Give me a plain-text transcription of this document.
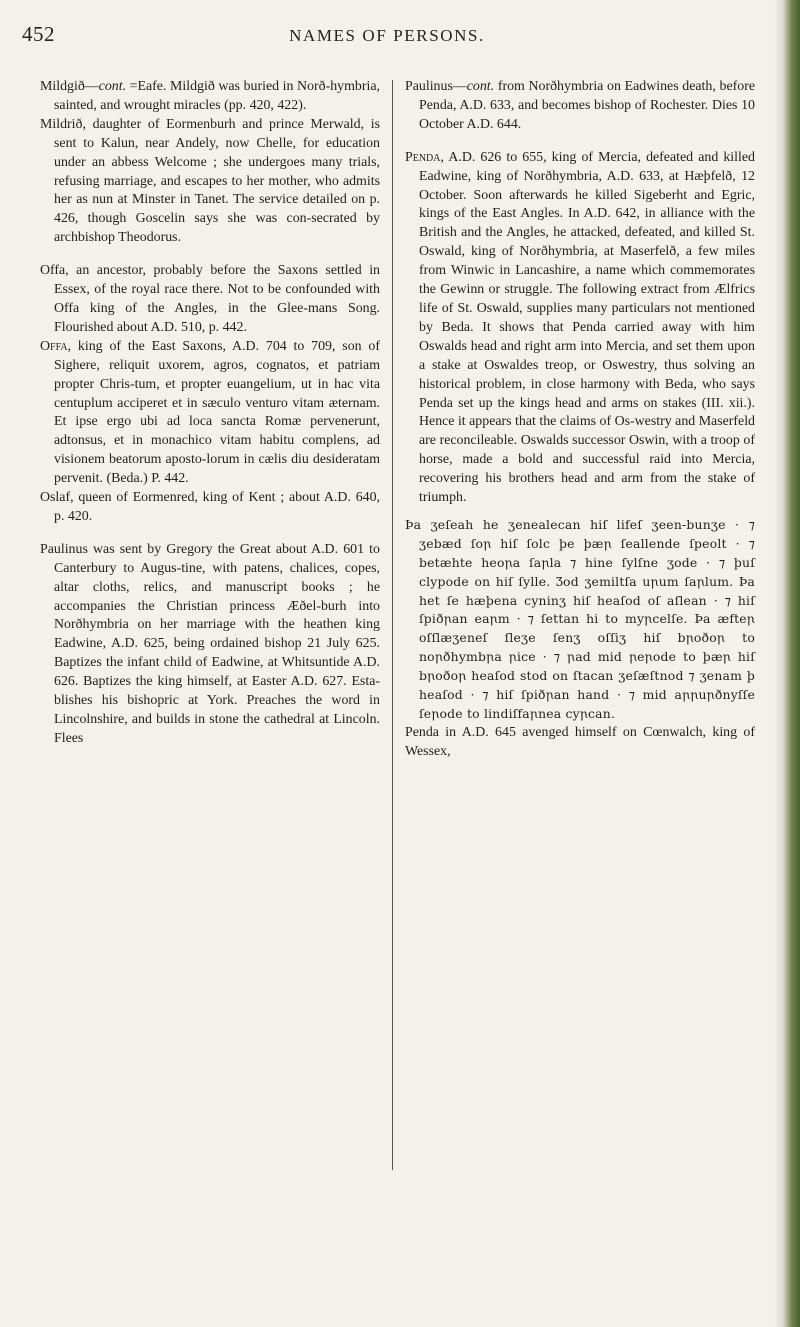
452	NAMES OF PERSONS.
Mildgið—cont. =Eafe. Mildgið was buried in Norð-hymbria, sainted, and wrought miracles (pp. 420, 422).
Mildrið, daughter of Eormenburh and prince Merwald, is sent to Kalun, near Andely, now Chelle, for education under an abbess Welcome ; she undergoes many trials, refusing marriage, and escapes to her mother, who admits her as nun at Minster in Tanet. The service detailed on p. 426, though Goscelin says she was con-secrated by archbishop Theodorus.
Offa, an ancestor, probably before the Saxons settled in Essex, of the royal race there. Not to be confounded with Offa king of the Angles, in the Glee-mans Song. Flourished about A.D. 510, p. 442.
Offa, king of the East Saxons, A.D. 704 to 709, son of Sighere, reliquit uxorem, agros, cognatos, et patriam propter Chris-tum, et propter euangelium, ut in hac vita centuplum acciperet et in sæculo venturo vitam æternam. Et ipse ergo ubi ad loca sancta Romæ pervenerunt, adtonsus, et in monachico vitam habitu complens, ad visionem beatorum aposto-lorum in cælis diu desideratam pervenit. (Beda.) P. 442.
Oslaf, queen of Eormenred, king of Kent ; about A.D. 640, p. 420.
Paulinus was sent by Gregory the Great about A.D. 601 to Canterbury to Augus-tine, with patens, chalices, copes, altar cloths, relics, and manuscript books ; he accompanies the Christian princess Æðel-burh into Norðhymbria on her marriage with the heathen king Eadwine, A.D. 625, being ordained bishop 21 July 625. Baptizes the infant child of Eadwine, at Whitsuntide A.D. 626. Baptizes the king himself, at Easter A.D. 627. Esta-blishes his bishopric at York. Preaches the word in Lincolnshire, and builds in stone the cathedral at Lincoln. Flees
Paulinus—cont. from Norðhymbria on Eadwines death, before Penda, A.D. 633, and becomes bishop of Rochester. Dies 10 October A.D. 644.
Penda, A.D. 626 to 655, king of Mercia, defeated and killed Eadwine, king of Norðhymbria, A.D. 633, at Hæþfelð, 12 October. Soon afterwards he killed Sigeberht and Egric, kings of the East Angles. In A.D. 642, in alliance with the British and the Angles, he attacked, defeated, and killed St. Oswald, king of Norðhymbria, at Maserfelð, a few miles from Winwic in Lancashire, a name which commemorates the Gewinn or struggle. The following extract from Ælfrics life of St. Oswald, supplies many particulars not mentioned by Beda. It shows that Penda carried away with him Oswalds head and right arm into Mercia, and set them upon a stake at Oswaldes treop, or Oswestry, thus solving an historical problem, in close harmony with Beda, who says Penda set up the kings head and arms on stakes (III. xii.). Hence it appears that the claims of Os-westry and Maserfeld are reconcileable. Oswalds successor Oswin, with a troop of horse, made a bold and successful raid into Mercia, recovering his brothers head and arm from the stake of triumph.
Þa ʒeſeah he ʒenealecan hiſ lifeſ ʒeen-bunʒe · ⁊ ʒebæd ſoꞃ hiſ ſolc þe þæꞃ ſeallende ſpeolt · ⁊ betæhte heoꞃa ſaꞃla ⁊ hine ſylſne ʒode · ⁊ þuſ clypode on hiſ ſylle. Ʒod ʒemiltſa uꞃum ſaꞃlum. Þa het ſe hæþena cyninʒ hiſ heaſod oſ aſlean · ⁊ hiſ ſpiðꞃan eaꞃm · ⁊ ſettan hi to myꞃcelſe. Þa æfteꞃ oſſlæʒeneſ ſleʒe ſenʒ oſſiʒ hiſ bꞃoðoꞃ to noꞃðhymbꞃa ꞃice · ⁊ ꞃad mid ꞃeꞃode to þæꞃ hiſ bꞃoðoꞃ heaſod stod on ſtacan ʒeſæſtnod ⁊ ʒenam þ heaſod · ⁊ hiſ ſpiðꞃan hand · ⁊ mid aꞃꞃuꞃðnyſſe ſeꞃode to lindiſfaꞃnea cyꞃcan.
Penda in A.D. 645 avenged himself on Cœnwalch, king of Wessex,
